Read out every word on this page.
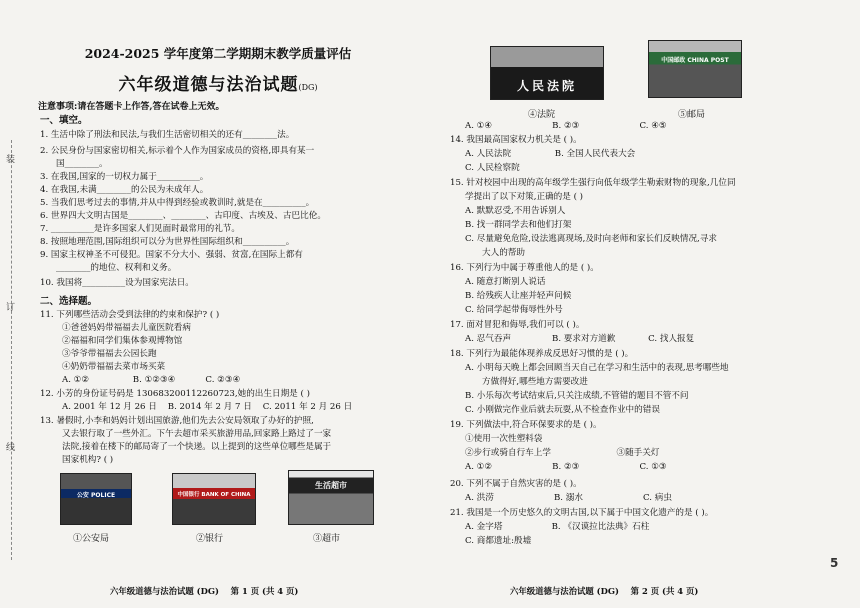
装
订
线
2024-2025 学年度第二学期期末教学质量评估
六年级道德与法治试题(DG)
注意事项:请在答题卡上作答,答在试卷上无效。
一、填空。
1. 生活中除了刑法和民法,与我们生活密切相关的还有________法。
2. 公民身份与国家密切相关,标示着个人作为国家成员的资格,即具有某一
国________。
3. 在我国,国家的一切权力属于__________。
4. 在我国,未满________的公民为未成年人。
5. 当我们思考过去的事情,并从中得到经验或教训时,就是在__________。
6. 世界四大文明古国是________、________、古印度、古埃及、古巴比伦。
7. __________是许多国家人们见面时最常用的礼节。
8. 按照地理范围,国际组织可以分为世界性国际组织和__________。
9. 国家主权神圣不可侵犯。国家不分大小、强弱、贫富,在国际上都有
________的地位、权利和义务。
10. 我国将__________设为国家宪法日。
二、选择题。
11. 下列哪些活动会受到法律的约束和保护? ( )
①爸爸妈妈带福福去儿童医院看病
②福福和同学们集体参观博物馆
③爷爷带福福去公园长跑
④奶奶带福福去菜市场买菜
A. ①②                B. ①②③④           C. ②③④
12. 小芳的身份证号码是 130683200112260723,她的出生日期是 ( )
A. 2001 年 12 月 26 日    B. 2014 年 2 月 7 日    C. 2011 年 2 月 26 日
13. 暑假时,小李和妈妈计划出国旅游,他们先去公安局领取了办好的护照,
又去银行取了一些外汇。下午去超市采买旅游用品,回家路上路过了一家
法院,接着在楼下的邮局寄了一个快递。以上提到的这些单位哪些是属于
国家机构? ( )
公安 POLICE
①公安局
中国银行 BANK OF CHINA
②银行
生活超市
③超市
六年级道德与法治试题 (DG)    第 1 页 (共 4 页)
人民法院
④法院
中国邮政 CHINA POST
⑤邮局
A. ①④                      B. ②③                      C. ④⑤
14. 我国最高国家权力机关是 ( )。
A. 人民法院                B. 全国人民代表大会
C. 人民检察院
15. 针对校园中出现的高年级学生强行向低年级学生勒索财物的现象,几位同
学提出了以下对策,正确的是 ( )
A. 默默忍受,不用告诉别人
B. 找一群同学去和他们打架
C. 尽量避免危险,设法逃离现场,及时向老师和家长们反映情况,寻求
大人的帮助
16. 下列行为中属于尊重他人的是 ( )。
A. 随意打断别人说话
B. 给残疾人让座并轻声问候
C. 给同学起带侮辱性外号
17. 面对冒犯和侮辱,我们可以 ( )。
A. 忍气吞声               B. 要求对方道歉            C. 找人报复
18. 下列行为最能体现养成反思好习惯的是 ( )。
A. 小明每天晚上都会回顾当天自己在学习和生活中的表现,思考哪些地
方做得好,哪些地方需要改进
B. 小乐每次考试结束后,只关注成绩,不管错的题目不管不问
C. 小刚做完作业后就去玩耍,从不检查作业中的错误
19. 下列做法中,符合环保要求的是 ( )。
①使用一次性塑料袋
②步行或骑自行车上学                        ③随手关灯
A. ①②                      B. ②③                      C. ①③
20. 下列不属于自然灾害的是 ( )。
A. 洪涝                      B. 溺水                      C. 病虫
21. 我国是一个历史悠久的文明古国,以下属于中国文化遗产的是 ( )。
A. 金字塔                  B. 《汉谟拉比法典》石柱
C. 商都遗址:殷墟
六年级道德与法治试题 (DG)    第 2 页 (共 4 页)
5
